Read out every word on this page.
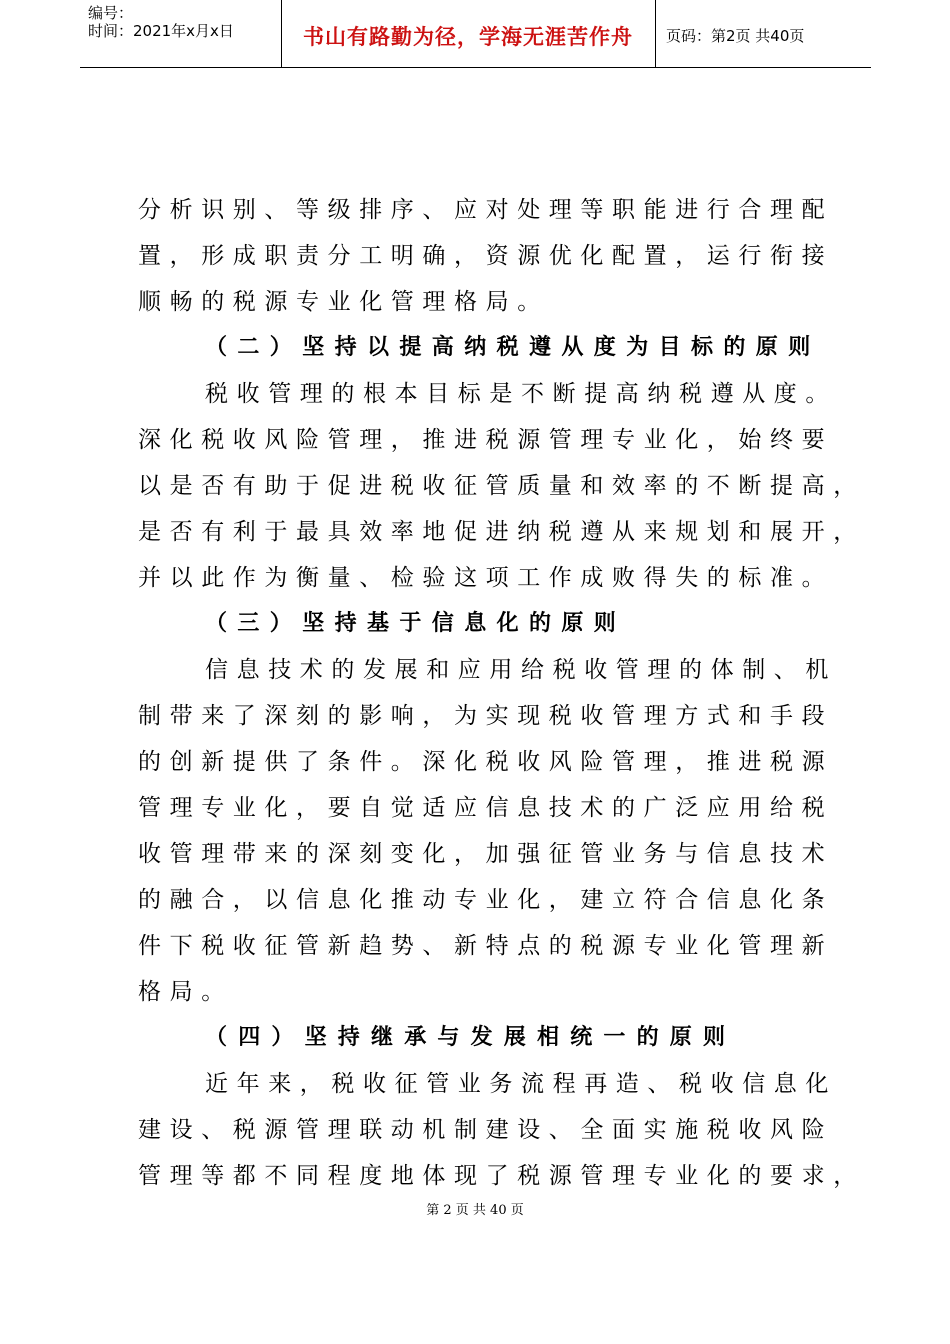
编号：
时间：2021年x月x日	书山有路勤为径，学海无涯苦作舟	页码：第2页 共40页
分析识别、等级排序、应对处理等职能进行合理配
置，形成职责分工明确，资源优化配置，运行衔接
顺畅的税源专业化管理格局。
（二）坚持以提高纳税遵从度为目标的原则
税收管理的根本目标是不断提高纳税遵从度。
深化税收风险管理，推进税源管理专业化，始终要
以是否有助于促进税收征管质量和效率的不断提高，
是否有利于最具效率地促进纳税遵从来规划和展开，
并以此作为衡量、检验这项工作成败得失的标准。
（三）坚持基于信息化的原则
信息技术的发展和应用给税收管理的体制、机
制带来了深刻的影响，为实现税收管理方式和手段
的创新提供了条件。深化税收风险管理，推进税源
管理专业化，要自觉适应信息技术的广泛应用给税
收管理带来的深刻变化，加强征管业务与信息技术
的融合，以信息化推动专业化，建立符合信息化条
件下税收征管新趋势、新特点的税源专业化管理新
格局。
（四）坚持继承与发展相统一的原则
近年来，税收征管业务流程再造、税收信息化
建设、税源管理联动机制建设、全面实施税收风险
管理等都不同程度地体现了税源管理专业化的要求，
第 2 页 共 40 页
